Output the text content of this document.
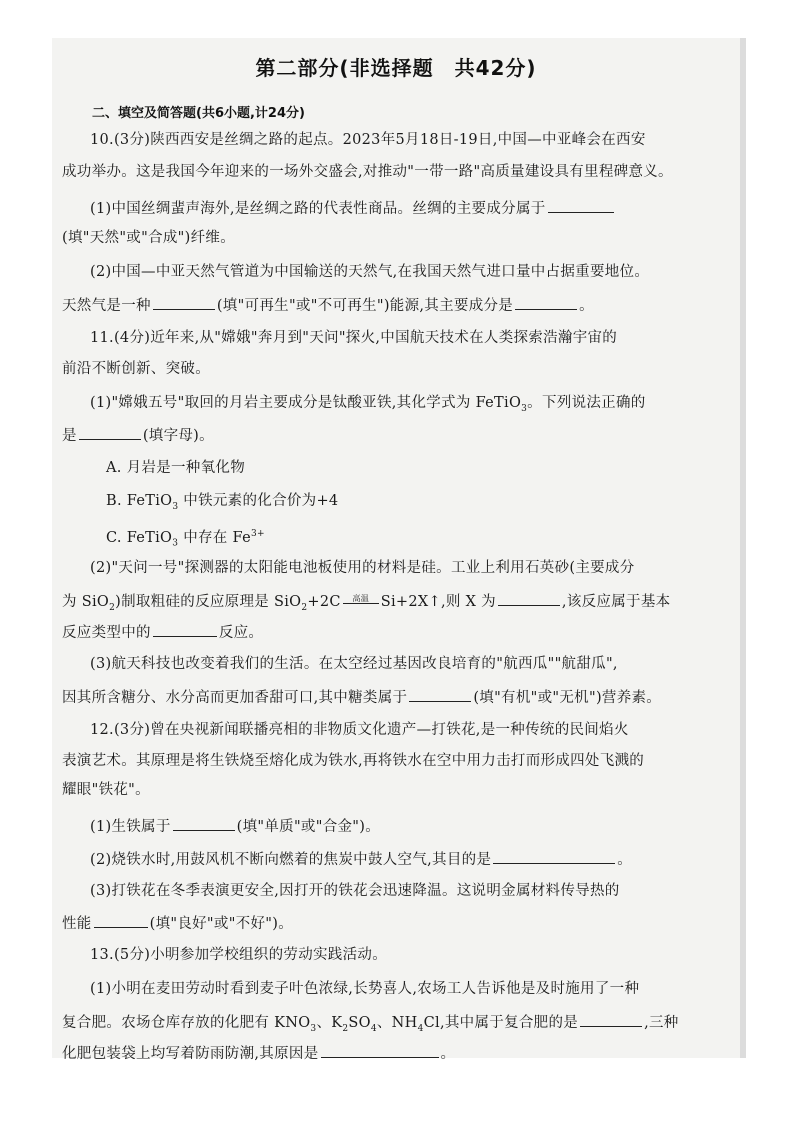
第二部分(非选择题　共42分)
二、填空及简答题(共6小题,计24分)
10.(3分)陕西西安是丝绸之路的起点。2023年5月18日-19日,中国—中亚峰会在西安
成功举办。这是我国今年迎来的一场外交盛会,对推动"一带一路"高质量建设具有里程碑意义。
(1)中国丝绸蜚声海外,是丝绸之路的代表性商品。丝绸的主要成分属于
(填"天然"或"合成")纤维。
(2)中国—中亚天然气管道为中国输送的天然气,在我国天然气进口量中占据重要地位。
天然气是一种	(填"可再生"或"不可再生")能源,其主要成分是	。
11.(4分)近年来,从"嫦娥"奔月到"天问"探火,中国航天技术在人类探索浩瀚宇宙的
前沿不断创新、突破。
(1)"嫦娥五号"取回的月岩主要成分是钛酸亚铁,其化学式为 FeTiO$_3$。下列说法正确的
是	(填字母)。
A. 月岩是一种氧化物
B. FeTiO$_3$ 中铁元素的化合价为+4
C. FeTiO$_3$ 中存在 $Fe^{3+}$
(2)"天问一号"探测器的太阳能电池板使用的材料是硅。工业上利用石英砂(主要成分
为 SiO$_2$)制取粗硅的反应原理是 SiO$_2$+2C	高温 Si+2X↑,则 X 为	,该反应属于基本
反应类型中的	反应。
(3)航天科技也改变着我们的生活。在太空经过基因改良培育的"航西瓜""航甜瓜",
因其所含糖分、水分高而更加香甜可口,其中糖类属于	(填"有机"或"无机")营养素。
12.(3分)曾在央视新闻联播亮相的非物质文化遗产—打铁花,是一种传统的民间焰火
表演艺术。其原理是将生铁烧至熔化成为铁水,再将铁水在空中用力击打而形成四处飞溅的
耀眼"铁花"。
(1)生铁属于	(填"单质"或"合金")。
(2)烧铁水时,用鼓风机不断向燃着的焦炭中鼓人空气,其目的是	。
(3)打铁花在冬季表演更安全,因打开的铁花会迅速降温。这说明金属材料传导热的
性能	(填"良好"或"不好")。
13.(5分)小明参加学校组织的劳动实践活动。
(1)小明在麦田劳动时看到麦子叶色浓绿,长势喜人,农场工人告诉他是及时施用了一种
复合肥。农场仓库存放的化肥有 $KNO_3$、$K_2SO_4$、$NH_4Cl$,其中属于复合肥的是	,三种
化肥包装袋上均写着防雨防潮,其原因是	。
